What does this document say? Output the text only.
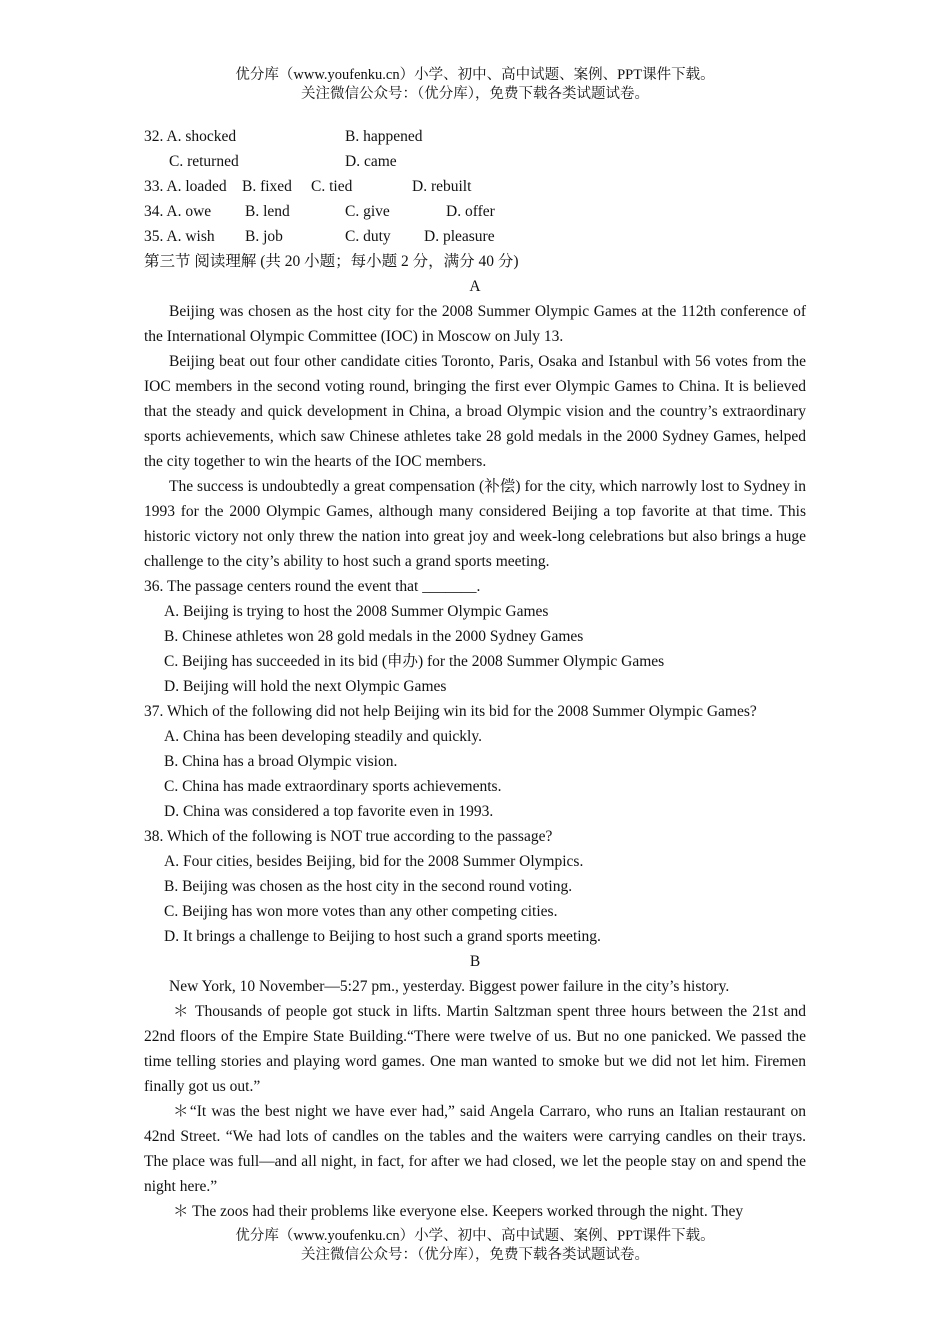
优分库（www.youfenku.cn）小学、初中、高中试题、案例、PPT课件下载。
关注微信公众号：（优分库），免费下载各类试题试卷。
32. A. shocked	B. happened
C. returned	D. came
33. A. loaded B. fixed C. tied	D. rebuilt
34. A. owe B. lend	C. give	D. offer
35. A. wish B. job	C. duty D. pleasure
第三节 阅读理解 (共 20 小题；每小题 2 分，满分 40 分)
A
Beijing was chosen as the host city for the 2008 Summer Olympic Games at the 112th conference of the International Olympic Committee (IOC) in Moscow on July 13.
Beijing beat out four other candidate cities Toronto, Paris, Osaka and Istanbul with 56 votes from the IOC members in the second voting round, bringing the first ever Olympic Games to China. It is believed that the steady and quick development in China, a broad Olympic vision and the country’s extraordinary sports achievements, which saw Chinese athletes take 28 gold medals in the 2000 Sydney Games, helped the city together to win the hearts of the IOC members.
The success is undoubtedly a great compensation (补偿) for the city, which narrowly lost to Sydney in 1993 for the 2000 Olympic Games, although many considered Beijing a top favorite at that time. This historic victory not only threw the nation into great joy and week-long celebrations but also brings a huge challenge to the city’s ability to host such a grand sports meeting.
36. The passage centers round the event that _______.
A. Beijing is trying to host the 2008 Summer Olympic Games
B. Chinese athletes won 28 gold medals in the 2000 Sydney Games
C. Beijing has succeeded in its bid (申办) for the 2008 Summer Olympic Games
D. Beijing will hold the next Olympic Games
37. Which of the following did not help Beijing win its bid for the 2008 Summer Olympic Games?
A. China has been developing steadily and quickly.
B. China has a broad Olympic vision.
C. China has made extraordinary sports achievements.
D. China was considered a top favorite even in 1993.
38. Which of the following is NOT true according to the passage?
A. Four cities, besides Beijing, bid for the 2008 Summer Olympics.
B. Beijing was chosen as the host city in the second round voting.
C. Beijing has won more votes than any other competing cities.
D. It brings a challenge to Beijing to host such a grand sports meeting.
B
New York, 10 November—5:27 pm., yesterday. Biggest power failure in the city’s history.
＊ Thousands of people got stuck in lifts. Martin Saltzman spent three hours between the 21st and 22nd floors of the Empire State Building.“There were twelve of us. But no one panicked. We passed the time telling stories and playing word games. One man wanted to smoke but we did not let him. Firemen finally got us out.”
＊“It was the best night we have ever had,” said Angela Carraro, who runs an Italian restaurant on 42nd Street. “We had lots of candles on the tables and the waiters were carrying candles on their trays. The place was full—and all night, in fact, for after we had closed, we let the people stay on and spend the night here.”
＊ The zoos had their problems like everyone else. Keepers worked through the night. They
优分库（www.youfenku.cn）小学、初中、高中试题、案例、PPT课件下载。
关注微信公众号：（优分库），免费下载各类试题试卷。
